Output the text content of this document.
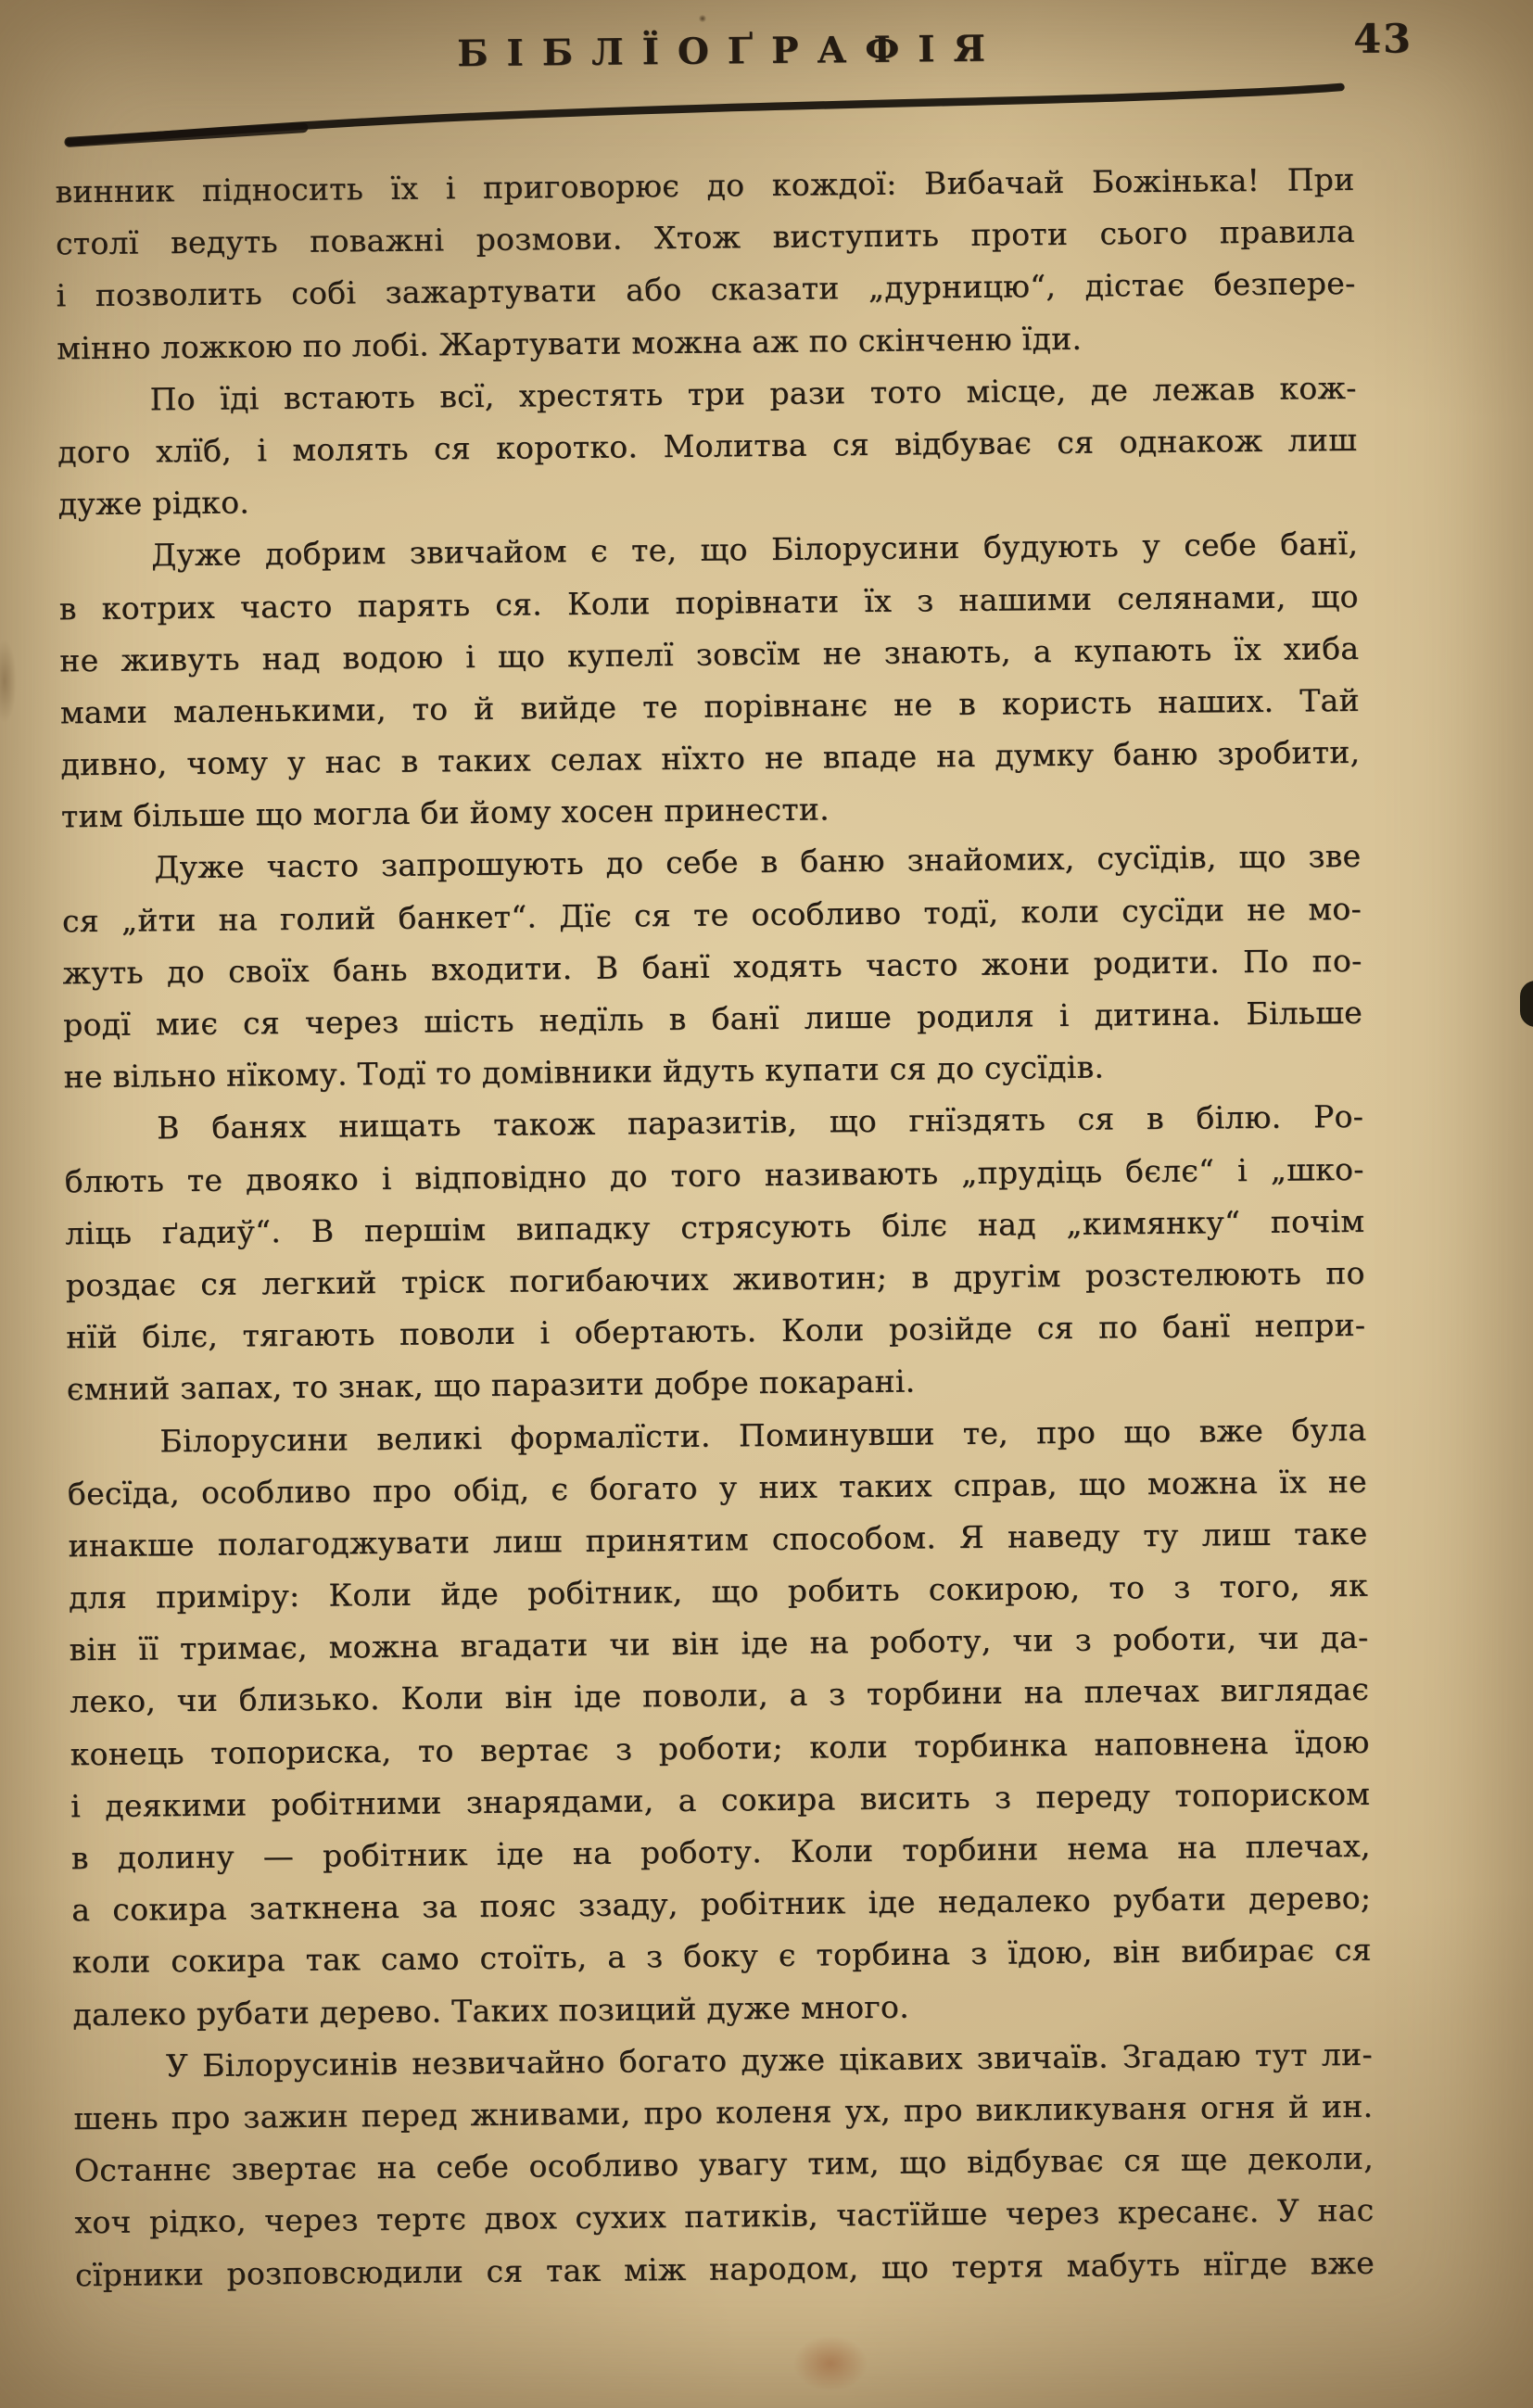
БІБЛЇОҐРАФІЯ	43
винник підносить їх і приговорює до кождої: Вибачай Божінька! При
столї ведуть поважні розмови. Хтож виступить проти сього правила
і позволить собі зажартувати або сказати „дурницю“, дістає безпере-
мінно ложкою по лобі. Жартувати можна аж по скінченю їди.
По їді встають всї, хрестять три рази тото місце, де лежав кож-
дого хлїб, і молять ся коротко. Молитва ся відбуває ся однакож лиш
дуже рідко.
Дуже добрим звичайом є те, що Білорусини будують у себе банї,
в котрих часто парять ся. Коли порівнати їх з нашими селянами, що
не живуть над водою і що купелї зовсїм не знають, а купають їх хиба
мами маленькими, то й вийде те порівнанє не в користь наших. Тай
дивно, чому у нас в таких селах нїхто не впаде на думку баню зробити,
тим більше що могла би йому хосен принести.
Дуже часто запрошують до себе в баню знайомих, сусїдів, що зве
ся „йти на голий банкет“. Дїє ся те особливо тодї, коли сусїди не мо-
жуть до своїх бань входити. В банї ходять часто жони родити. По по-
родї миє ся через шість недїль в банї лише родиля і дитина. Більше
не вільно нїкому. Тодї то домівники йдуть купати ся до сусїдів.
В банях нищать також паразитів, що гнїздять ся в білю. Ро-
блють те двояко і відповідно до того називають „прудіць бєлє“ і „шко-
ліць ґадиў“. В першім випадку стрясують білє над „кимянку“ почім
роздає ся легкий тріск погибаючих животин; в другім розстелюють по
нїй білє, тягають поволи і обертають. Коли розійде ся по банї непри-
ємний запах, то знак, що паразити добре покарані.
Білорусини великі формалїсти. Поминувши те, про що вже була
бесїда, особливо про обід, є богато у них таких справ, що можна їх не
инакше полагоджувати лиш принятим способом. Я наведу ту лиш таке
для приміру: Коли йде робітник, що робить сокирою, то з того, як
він її тримає, можна вгадати чи він іде на роботу, чи з роботи, чи да-
леко, чи близько. Коли він іде поволи, а з торбини на плечах виглядає
конець топориска, то вертає з роботи; коли торбинка наповнена їдою
і деякими робітними знарядами, а сокира висить з переду топориском
в долину — робітник іде на роботу. Коли торбини нема на плечах,
а сокира заткнена за пояс ззаду, робітник іде недалеко рубати дерево;
коли сокира так само стоїть, а з боку є торбина з їдою, він вибирає ся
далеко рубати дерево. Таких позиций дуже много.
У Білорусинів незвичайно богато дуже цікавих звичаїв. Згадаю тут ли-
шень про зажин перед жнивами, про коленя ух, про викликуваня огня й ин.
Останнє звертає на себе особливо увагу тим, що відбуває ся ще деколи,
хоч рідко, через тертє двох сухих патиків, частїйше через кресанє. У нас
сїрники розповсюдили ся так між народом, що тертя мабуть нїгде вже
